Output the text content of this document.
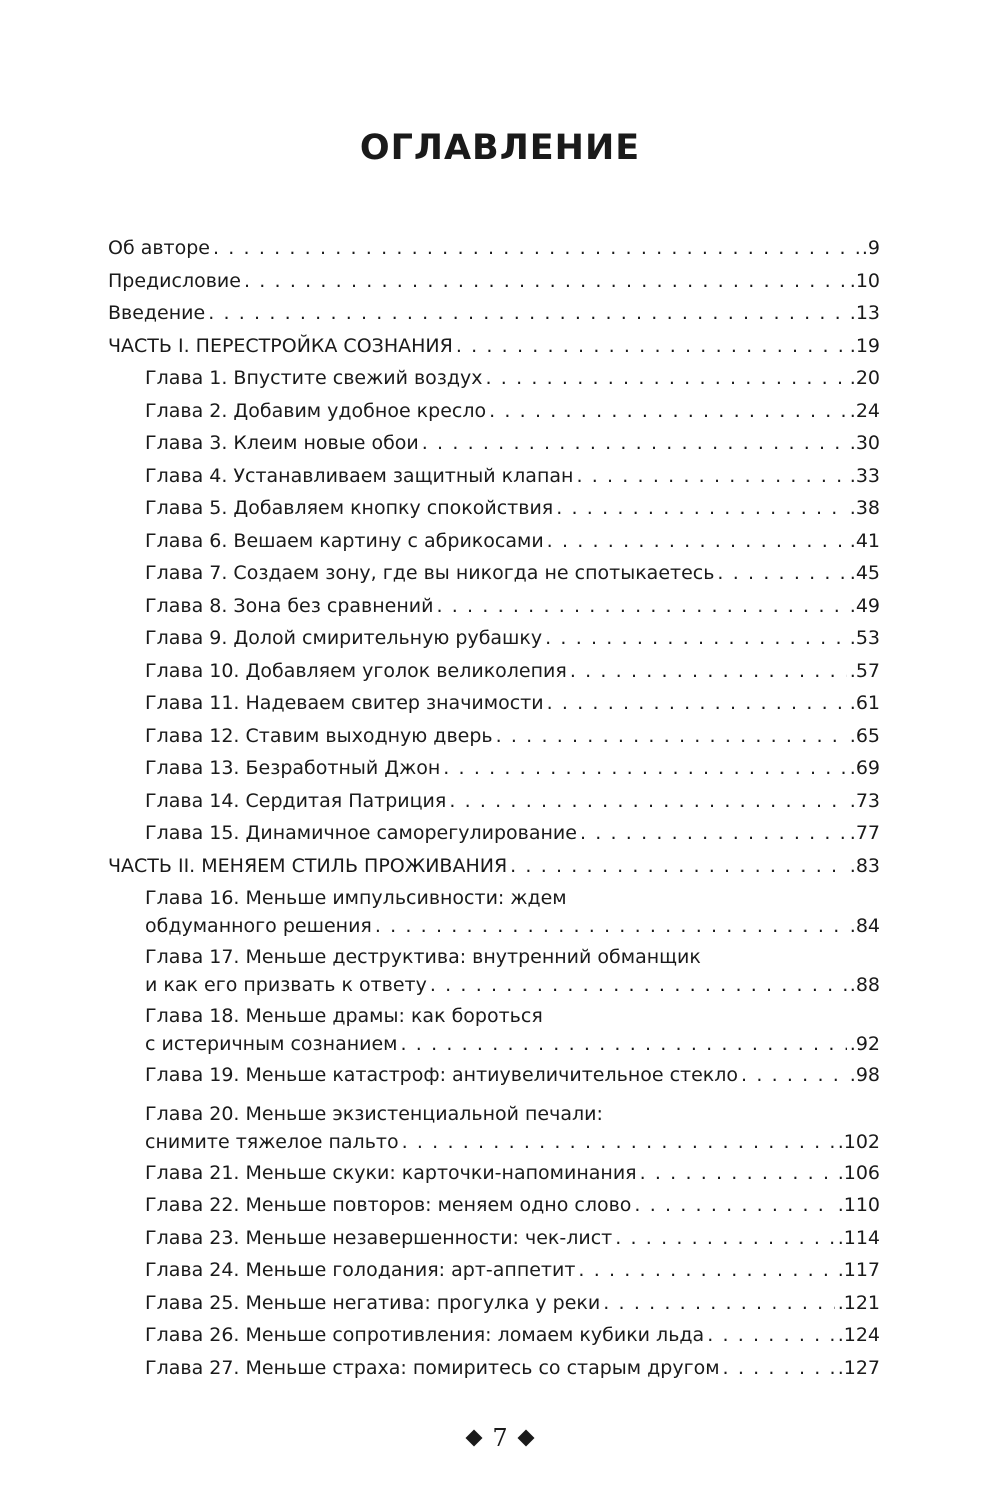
ОГЛАВЛЕНИЕ
Об авторе . . .	. 9
Предисловие . . .	. 10
Введение . . .	. 13
ЧАСТЬ I. ПЕРЕСТРОЙКА СОЗНАНИЯ . . .	. 19
Глава 1. Впустите свежий воздух . . .	. 20
Глава 2. Добавим удобное кресло . . .	. 24
Глава 3. Клеим новые обои . . .	. 30
Глава 4. Устанавливаем защитный клапан . . .	. 33
Глава 5. Добавляем кнопку спокойствия . . .	. 38
Глава 6. Вешаем картину с абрикосами . . .	. 41
Глава 7. Создаем зону, где вы никогда не спотыкаетесь . . .	. 45
Глава 8. Зона без сравнений . . .	. 49
Глава 9. Долой смирительную рубашку . . .	. 53
Глава 10. Добавляем уголок великолепия . . .	. 57
Глава 11. Надеваем свитер значимости . . .	. 61
Глава 12. Ставим выходную дверь . . .	. 65
Глава 13. Безработный Джон . . .	. 69
Глава 14. Сердитая Патриция . . .	. 73
Глава 15. Динамичное саморегулирование . . .	. 77
ЧАСТЬ II. МЕНЯЕМ СТИЛЬ ПРОЖИВАНИЯ . . .	. 83
Глава 16. Меньше импульсивности: ждем
обдуманного решения . . .	. 84
Глава 17. Меньше деструктива: внутренний обманщик
и как его призвать к ответу . . .	. 88
Глава 18. Меньше драмы: как бороться
с истеричным сознанием . . .	. 92
Глава 19. Меньше катастроф: антиувеличительное стекло . . .	. 98
Глава 20. Меньше экзистенциальной печали:
снимите тяжелое пальто . . .	. 102
Глава 21. Меньше скуки: карточки-напоминания . . .	. 106
Глава 22. Меньше повторов: меняем одно слово . . .	. 110
Глава 23. Меньше незавершенности: чек-лист . . .	. 114
Глава 24. Меньше голодания: арт-аппетит . . .	. 117
Глава 25. Меньше негатива: прогулка у реки . . .	. 121
Глава 26. Меньше сопротивления: ломаем кубики льда . . .	. 124
Глава 27. Меньше страха: помиритесь со старым другом . . .	. 127
7
